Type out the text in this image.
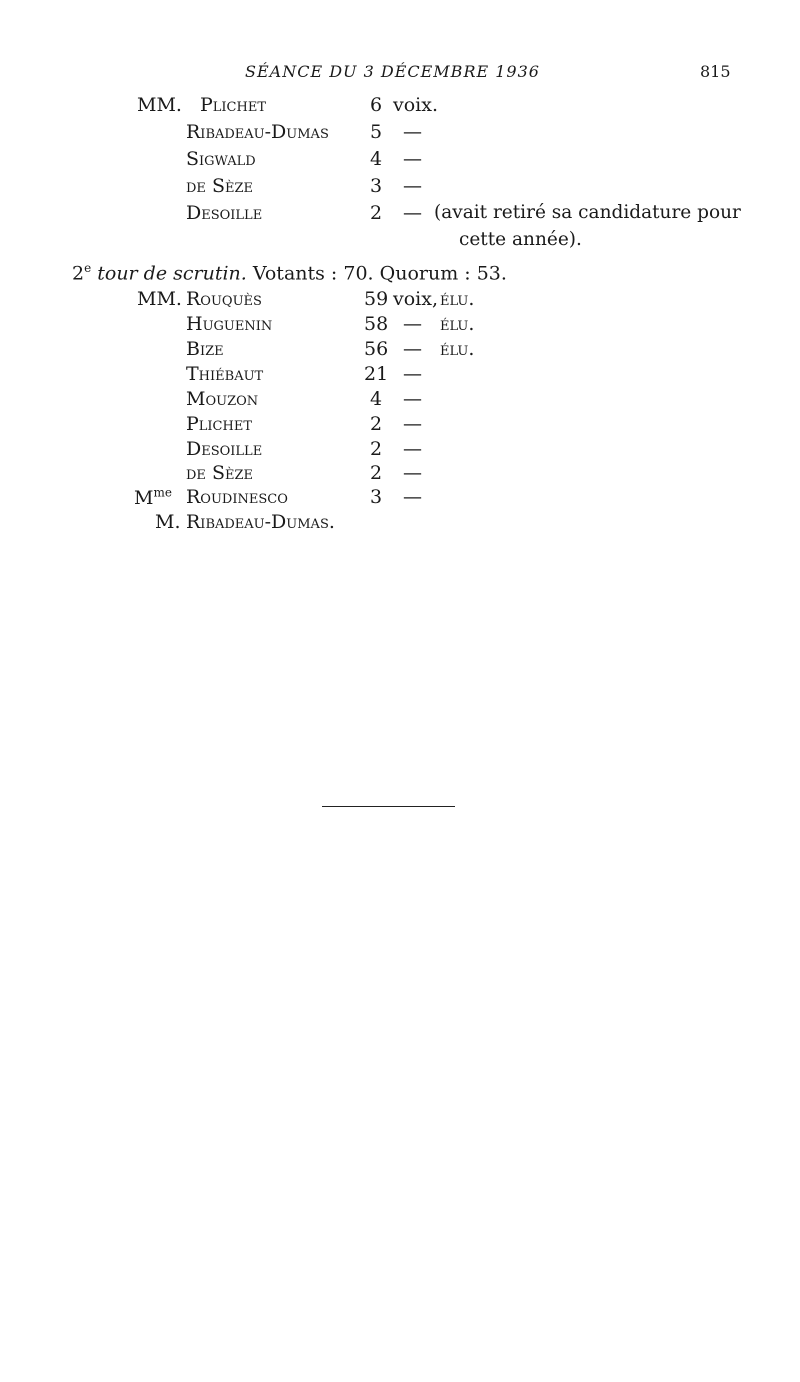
SÉANCE DU 3 DÉCEMBRE 1936	815
MM. Plichet	6 voix.
Ribadeau-Dumas 5 —
Sigwald	4 —
de Sèze	3 —
Desoille	2 — (avait retiré sa candidature pour
cette année).
2e tour de scrutin. Votants : 70. Quorum : 53.
MM. Rouquès	59 voix, élu.
Huguenin	58 — élu.
Bize	56 — élu.
Thiébaut	21 —
Mouzon	4 —
Plichet	2 —
Desoille	2 —
de Sèze	2 —
$M^{me}$ Roudinesco	3 —
M. Ribadeau-Dumas.
